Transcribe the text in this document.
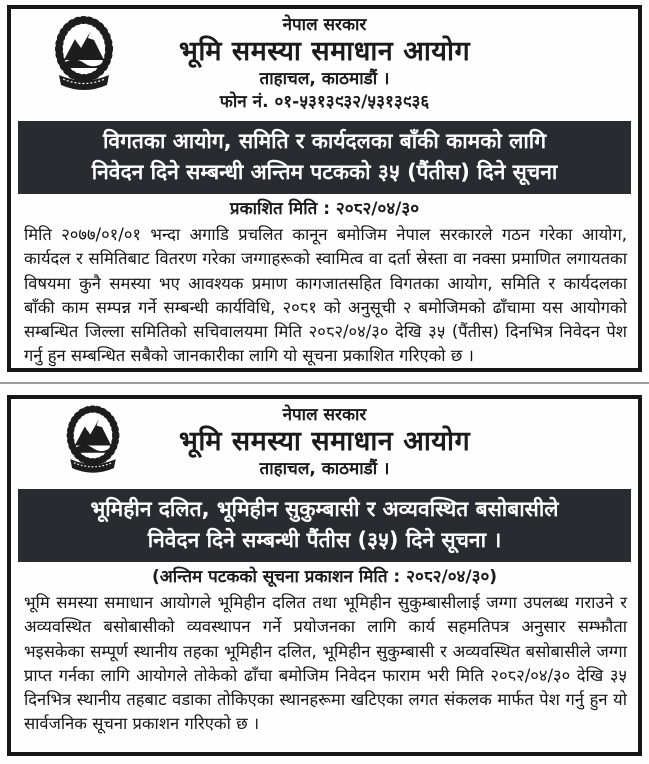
नेपाल सरकार
भूमि समस्या समाधान आयोग
ताहाचल, काठमाडौं ।
फोन नं. ०१-५३१३९३२/५३१३९३६
विगतका आयोग, समिति र कार्यदलका बाँकी कामको लागि
निवेदन दिने सम्बन्धी अन्तिम पटकको ३५ (पैंतीस) दिने सूचना
प्रकाशित मिति : २०८२/०४/३०

मिति २०७७/०१/०१ भन्दा अगाडि प्रचलित कानून बमोजिम नेपाल सरकारले गठन गरेका आयोग, कार्यदल र समितिबाट वितरण गरेका जग्गाहरूको स्वामित्व वा दर्ता स्रेस्ता वा नक्सा प्रमाणित लगायतका विषयमा कुनै समस्या भए आवश्यक प्रमाण कागजातसहित विगतका आयोग, समिति र कार्यदलका बाँकी काम सम्पन्न गर्ने सम्बन्धी कार्यविधि, २०८१ को अनुसूची २ बमोजिमको ढाँचामा यस आयोगको सम्बन्धित जिल्ला समितिको सचिवालयमा मिति २०८२/०४/३० देखि ३५ (पैंतीस) दिनभित्र निवेदन पेश गर्नु हुन सम्बन्धित सबैको जानकारीका लागि यो सूचना प्रकाशित गरिएको छ ।

नेपाल सरकार
भूमि समस्या समाधान आयोग
ताहाचल, काठमाडौं ।
भूमिहीन दलित, भूमिहीन सुकुम्बासी र अव्यवस्थित बसोबासीले
निवेदन दिने सम्बन्धी पैंतीस (३५) दिने सूचना ।
(अन्तिम पटकको सूचना प्रकाशन मिति : २०८२/०४/३०)

भूमि समस्या समाधान आयोगले भूमिहीन दलित तथा भूमिहीन सुकुम्बासीलाई जग्गा उपलब्ध गराउने र अव्यवस्थित बसोबासीको व्यवस्थापन गर्ने प्रयोजनका लागि कार्य सहमतिपत्र अनुसार सम्झौता भइसकेका सम्पूर्ण स्थानीय तहका भूमिहीन दलित, भूमिहीन सुकुम्बासी र अव्यवस्थित बसोबासीले जग्गा प्राप्त गर्नका लागि आयोगले तोकेको ढाँचा बमोजिम निवेदन फाराम भरी मिति २०८२/०४/३० देखि ३५ दिनभित्र स्थानीय तहबाट वडाका तोकिएका स्थानहरूमा खटिएका लगत संकलक मार्फत पेश गर्नु हुन यो सार्वजनिक सूचना प्रकाशन गरिएको छ ।
